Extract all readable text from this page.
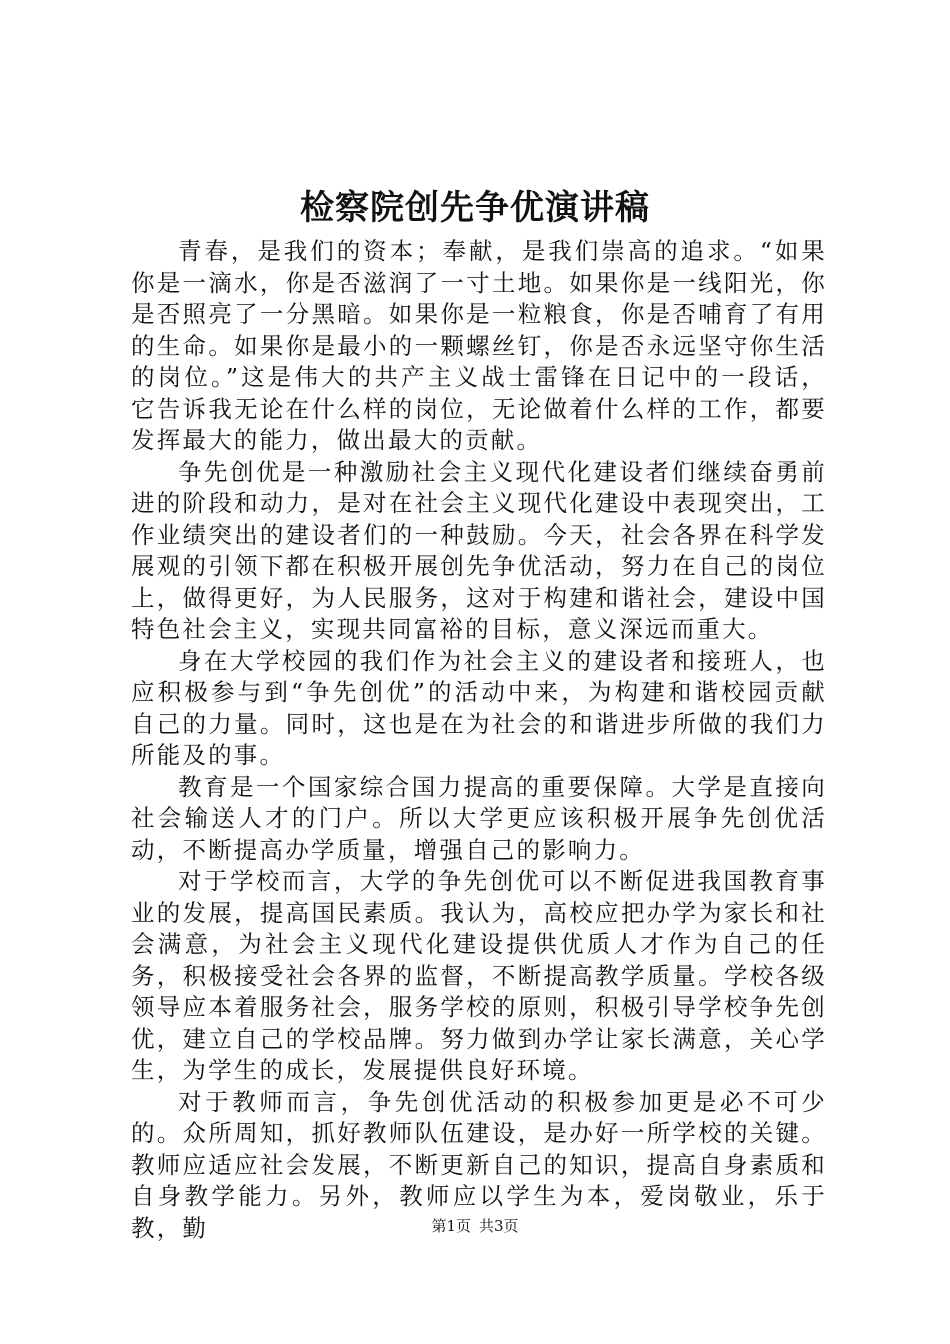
检察院创先争优演讲稿

青春，是我们的资本；奉献，是我们崇高的追求。“如果你是一滴水，你是否滋润了一寸土地。如果你是一线阳光，你是否照亮了一分黑暗。如果你是一粒粮食，你是否哺育了有用的生命。如果你是最小的一颗螺丝钉，你是否永远坚守你生活的岗位。”这是伟大的共产主义战士雷锋在日记中的一段话，它告诉我无论在什么样的岗位，无论做着什么样的工作，都要发挥最大的能力，做出最大的贡献。

争先创优是一种激励社会主义现代化建设者们继续奋勇前进的阶段和动力，是对在社会主义现代化建设中表现突出，工作业绩突出的建设者们的一种鼓励。今天，社会各界在科学发展观的引领下都在积极开展创先争优活动，努力在自己的岗位上，做得更好，为人民服务，这对于构建和谐社会，建设中国特色社会主义，实现共同富裕的目标，意义深远而重大。

身在大学校园的我们作为社会主义的建设者和接班人，也应积极参与到“争先创优”的活动中来，为构建和谐校园贡献自己的力量。同时，这也是在为社会的和谐进步所做的我们力所能及的事。

教育是一个国家综合国力提高的重要保障。大学是直接向社会输送人才的门户。所以大学更应该积极开展争先创优活动，不断提高办学质量，增强自己的影响力。

对于学校而言，大学的争先创优可以不断促进我国教育事业的发展，提高国民素质。我认为，高校应把办学为家长和社会满意，为社会主义现代化建设提供优质人才作为自己的任务，积极接受社会各界的监督，不断提高教学质量。学校各级领导应本着服务社会，服务学校的原则，积极引导学校争先创优，建立自己的学校品牌。努力做到办学让家长满意，关心学生，为学生的成长，发展提供良好环境。

对于教师而言，争先创优活动的积极参加更是必不可少的。众所周知，抓好教师队伍建设，是办好一所学校的关键。教师应适应社会发展，不断更新自己的知识，提高自身素质和自身教学能力。另外，教师应以学生为本，爱岗敬业，乐于教，勤	第1页 共3页
